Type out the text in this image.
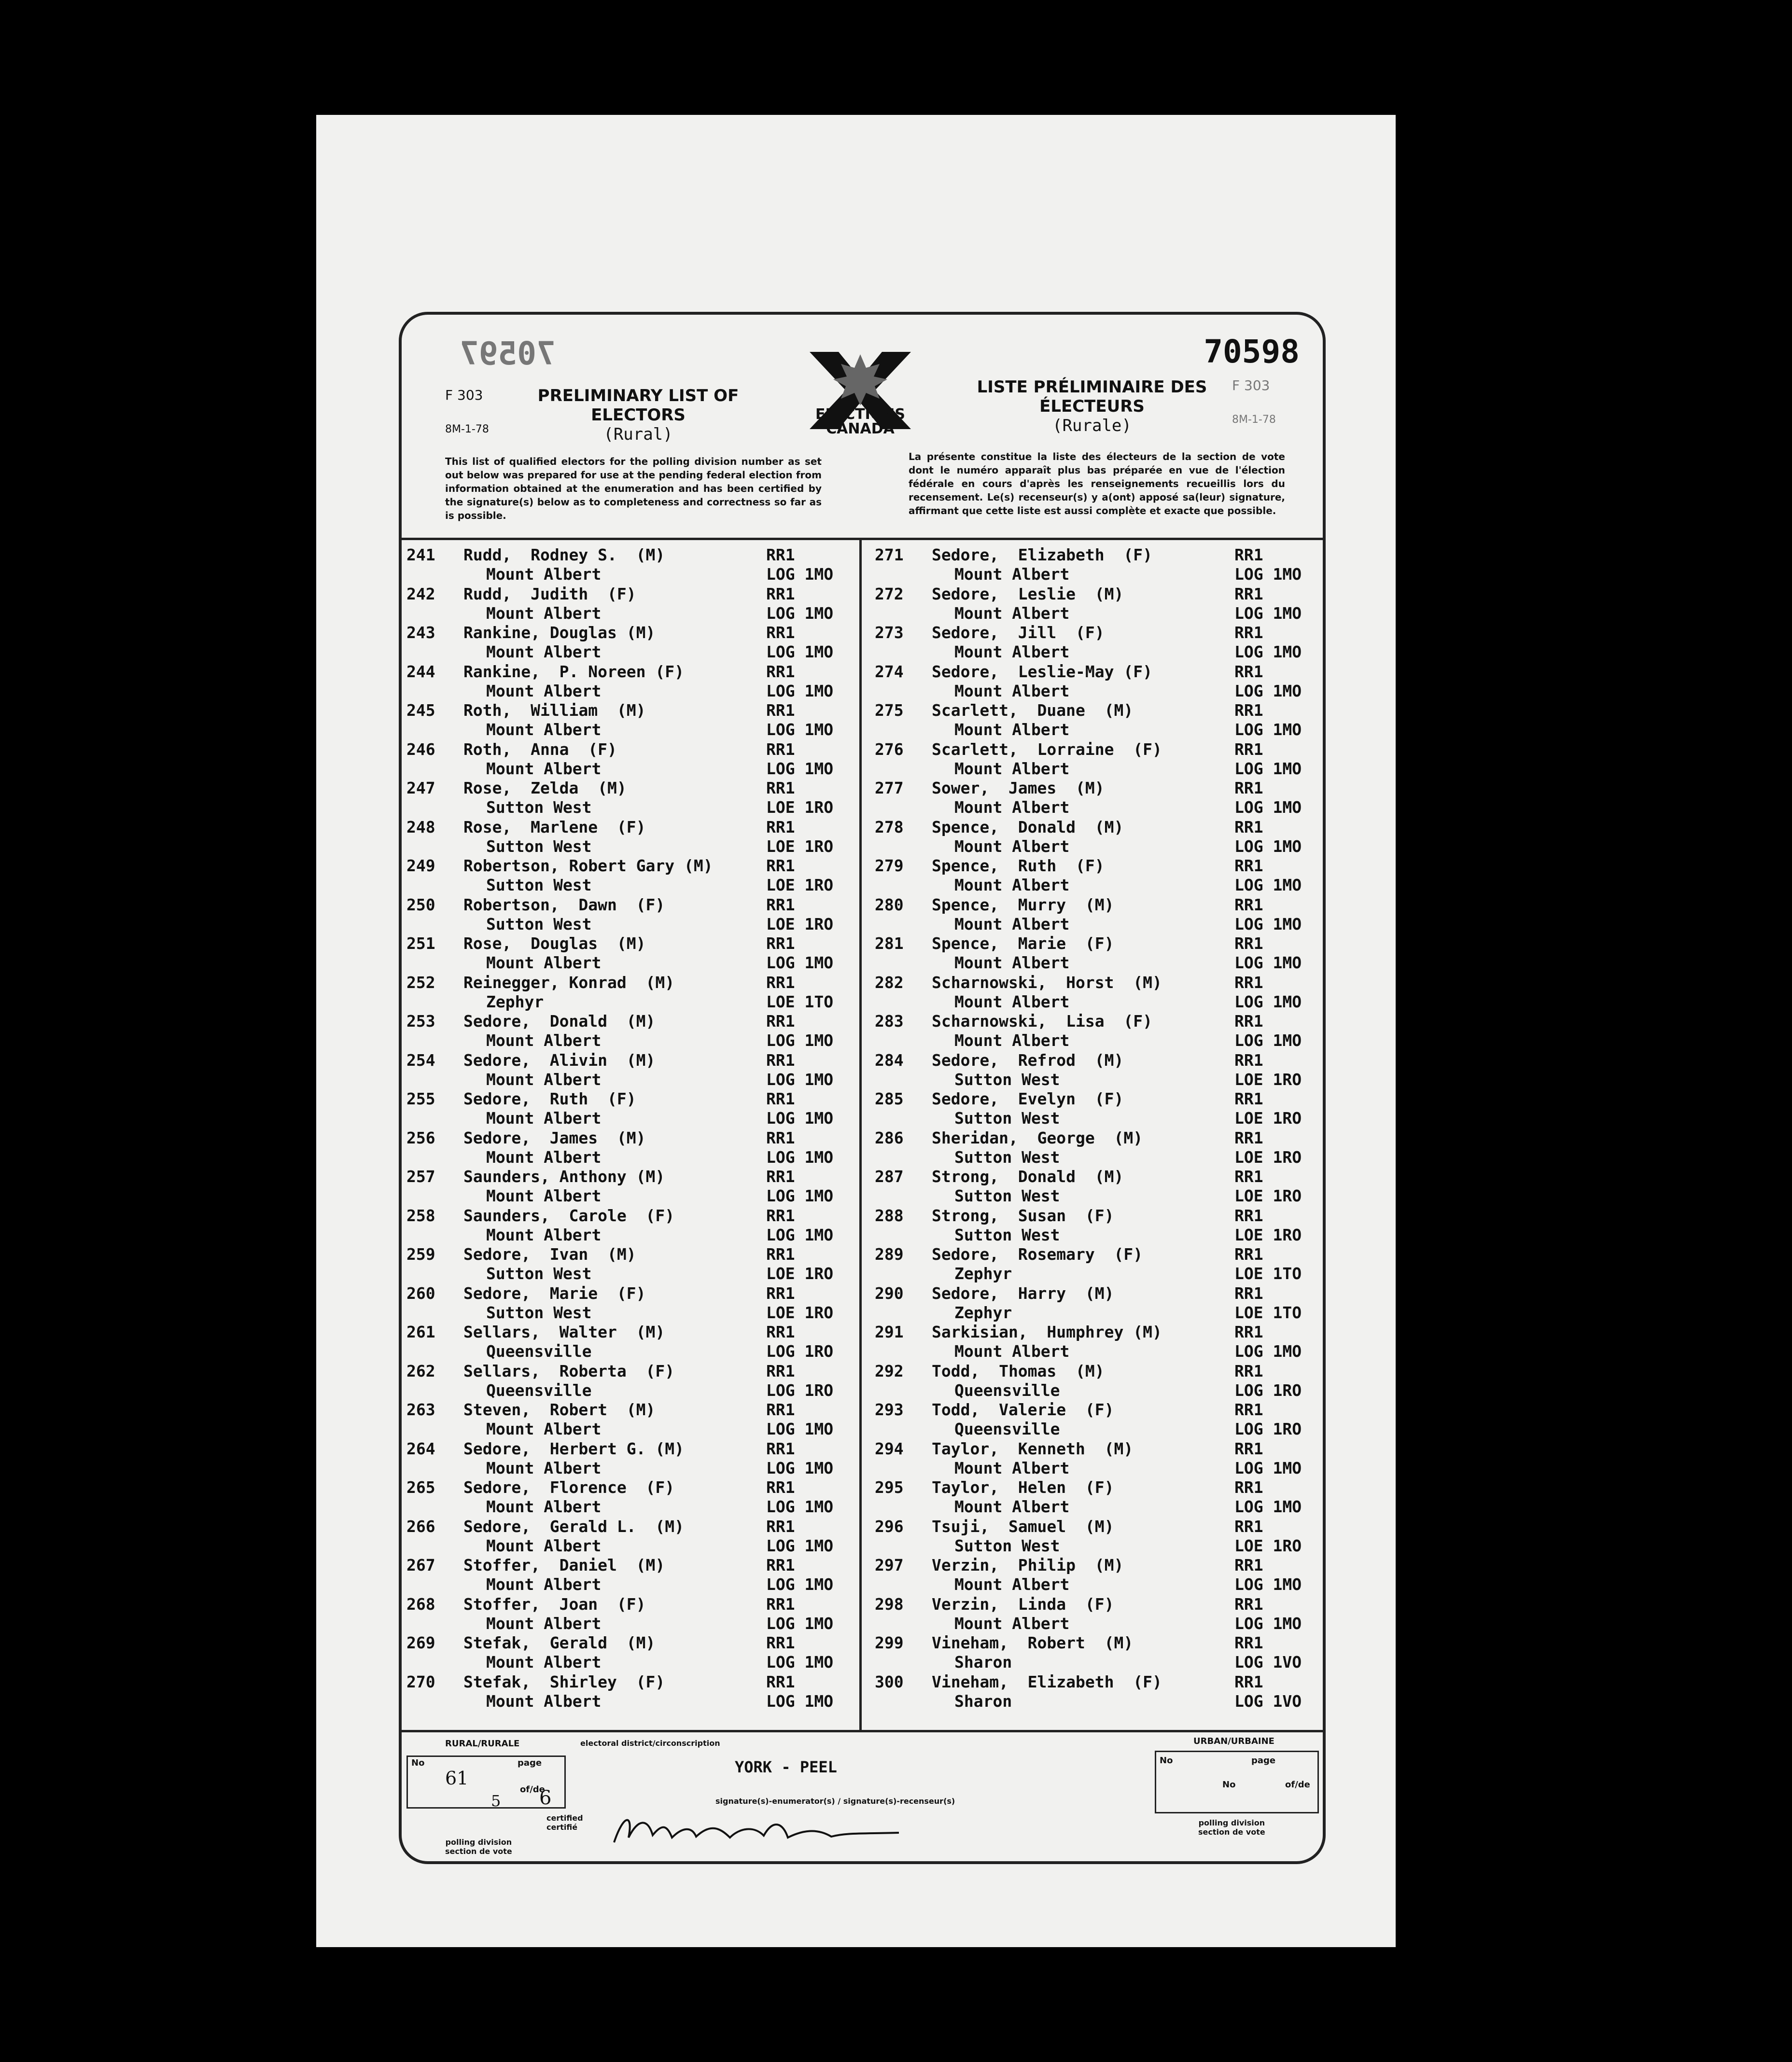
70597	70598
F 303
8M-1-78
PRELIMINARY LIST OF
ELECTORS
(Rural)
ELECTIONS
CANADA
LISTE PRÉLIMINAIRE DES
ÉLECTEURS
(Rurale)
F 303
8M-1-78
This list of qualified electors for the polling division number as set out below was prepared for use at the pending federal election from information obtained at the enumeration and has been certified by the signature(s) below as to completeness and correctness so far as is possible.
La présente constitue la liste des électeurs de la section de vote dont le numéro apparaît plus bas préparée en vue de l'élection fédérale en cours d'après les renseignements recueillis lors du recensement. Le(s) recenseur(s) y a(ont) apposé sa(leur) signature, affirmant que cette liste est aussi complète et exacte que possible.
241 Rudd,  Rodney S.  (M)	RR1
Mount Albert	LOG 1MO
242 Rudd,  Judith  (F)	RR1
Mount Albert	LOG 1MO
243 Rankine, Douglas (M)	RR1
Mount Albert	LOG 1MO
244 Rankine,  P. Noreen (F)	RR1
Mount Albert	LOG 1MO
245 Roth,  William  (M)	RR1
Mount Albert	LOG 1MO
246 Roth,  Anna  (F)	RR1
Mount Albert	LOG 1MO
247 Rose,  Zelda  (M)	RR1
Sutton West	LOE 1RO
248 Rose,  Marlene  (F)	RR1
Sutton West	LOE 1RO
249 Robertson, Robert Gary (M)	RR1
Sutton West	LOE 1RO
250 Robertson,  Dawn  (F)	RR1
Sutton West	LOE 1RO
251 Rose,  Douglas  (M)	RR1
Mount Albert	LOG 1MO
252 Reinegger, Konrad  (M)	RR1
Zephyr	LOE 1TO
253 Sedore,  Donald  (M)	RR1
Mount Albert	LOG 1MO
254 Sedore,  Alivin  (M)	RR1
Mount Albert	LOG 1MO
255 Sedore,  Ruth  (F)	RR1
Mount Albert	LOG 1MO
256 Sedore,  James  (M)	RR1
Mount Albert	LOG 1MO
257 Saunders, Anthony (M)	RR1
Mount Albert	LOG 1MO
258 Saunders,  Carole  (F)	RR1
Mount Albert	LOG 1MO
259 Sedore,  Ivan  (M)	RR1
Sutton West	LOE 1RO
260 Sedore,  Marie  (F)	RR1
Sutton West	LOE 1RO
261 Sellars,  Walter  (M)	RR1
Queensville	LOG 1RO
262 Sellars,  Roberta  (F)	RR1
Queensville	LOG 1RO
263 Steven,  Robert  (M)	RR1
Mount Albert	LOG 1MO
264 Sedore,  Herbert G. (M)	RR1
Mount Albert	LOG 1MO
265 Sedore,  Florence  (F)	RR1
Mount Albert	LOG 1MO
266 Sedore,  Gerald L.  (M)	RR1
Mount Albert	LOG 1MO
267 Stoffer,  Daniel  (M)	RR1
Mount Albert	LOG 1MO
268 Stoffer,  Joan  (F)	RR1
Mount Albert	LOG 1MO
269 Stefak,  Gerald  (M)	RR1
Mount Albert	LOG 1MO
270 Stefak,  Shirley  (F)	RR1
Mount Albert	LOG 1MO
271 Sedore,  Elizabeth  (F)	RR1
Mount Albert	LOG 1MO
272 Sedore,  Leslie  (M)	RR1
Mount Albert	LOG 1MO
273 Sedore,  Jill  (F)	RR1
Mount Albert	LOG 1MO
274 Sedore,  Leslie-May (F)	RR1
Mount Albert	LOG 1MO
275 Scarlett,  Duane  (M)	RR1
Mount Albert	LOG 1MO
276 Scarlett,  Lorraine  (F)	RR1
Mount Albert	LOG 1MO
277 Sower,  James  (M)	RR1
Mount Albert	LOG 1MO
278 Spence,  Donald  (M)	RR1
Mount Albert	LOG 1MO
279 Spence,  Ruth  (F)	RR1
Mount Albert	LOG 1MO
280 Spence,  Murry  (M)	RR1
Mount Albert	LOG 1MO
281 Spence,  Marie  (F)	RR1
Mount Albert	LOG 1MO
282 Scharnowski,  Horst  (M)	RR1
Mount Albert	LOG 1MO
283 Scharnowski,  Lisa  (F)	RR1
Mount Albert	LOG 1MO
284 Sedore,  Refrod  (M)	RR1
Sutton West	LOE 1RO
285 Sedore,  Evelyn  (F)	RR1
Sutton West	LOE 1RO
286 Sheridan,  George  (M)	RR1
Sutton West	LOE 1RO
287 Strong,  Donald  (M)	RR1
Sutton West	LOE 1RO
288 Strong,  Susan  (F)	RR1
Sutton West	LOE 1RO
289 Sedore,  Rosemary  (F)	RR1
Zephyr	LOE 1TO
290 Sedore,  Harry  (M)	RR1
Zephyr	LOE 1TO
291 Sarkisian,  Humphrey (M)	RR1
Mount Albert	LOG 1MO
292 Todd,  Thomas  (M)	RR1
Queensville	LOG 1RO
293 Todd,  Valerie  (F)	RR1
Queensville	LOG 1RO
294 Taylor,  Kenneth  (M)	RR1
Mount Albert	LOG 1MO
295 Taylor,  Helen  (F)	RR1
Mount Albert	LOG 1MO
296 Tsuji,  Samuel  (M)	RR1
Sutton West	LOE 1RO
297 Verzin,  Philip  (M)	RR1
Mount Albert	LOG 1MO
298 Verzin,  Linda  (F)	RR1
Mount Albert	LOG 1MO
299 Vineham,  Robert  (M)	RR1
Sharon	LOG 1VO
300 Vineham,  Elizabeth  (F)	RR1
Sharon	LOG 1VO
RURAL/RURALE
No	page
61
5
of/de
6
certified
certifié
polling division
section de vote
electoral district/circonscription
YORK - PEEL
signature(s)-enumerator(s) / signature(s)-recenseur(s)
URBAN/URBAINE
No	page
No	of/de
polling division
section de vote
